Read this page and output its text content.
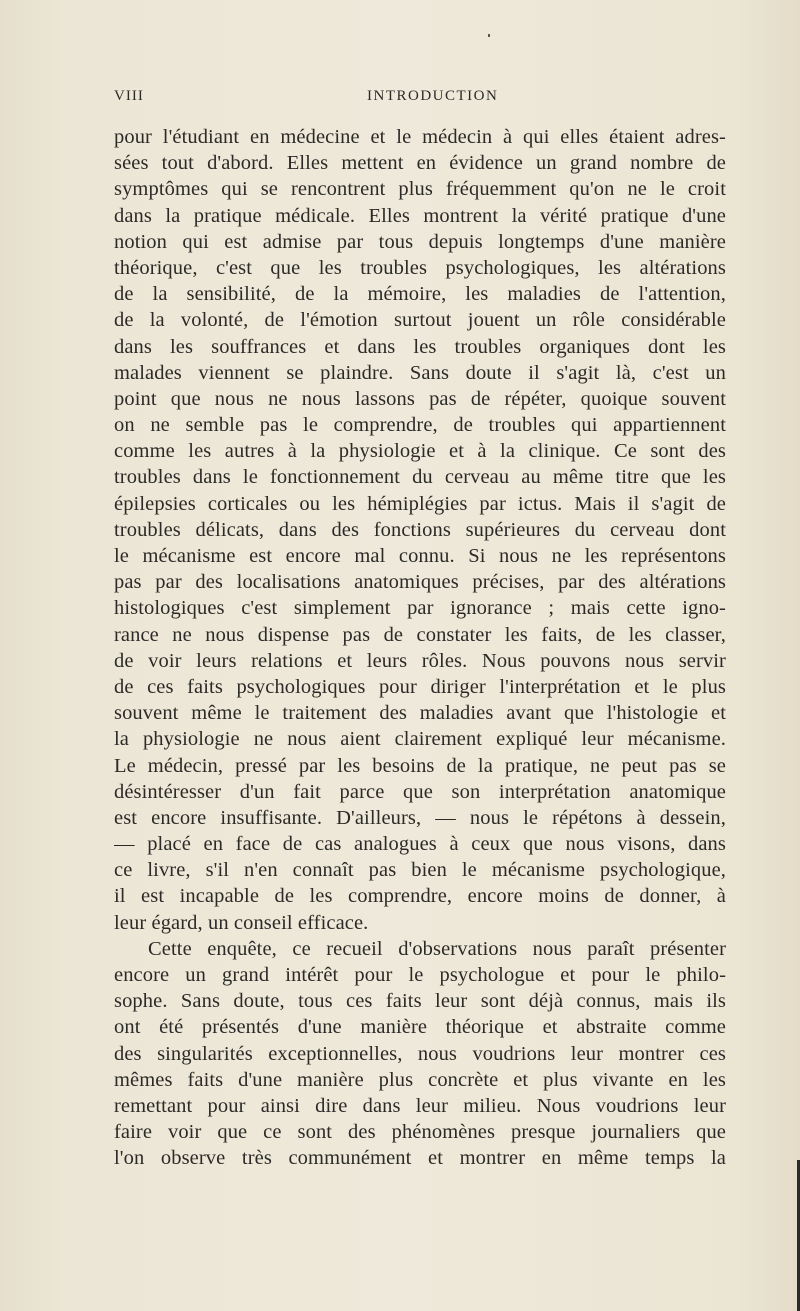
VIII	INTRODUCTION
pour l'étudiant en médecine et le médecin à qui elles étaient adres-
sées tout d'abord. Elles mettent en évidence un grand nombre de
symptômes qui se rencontrent plus fréquemment qu'on ne le croit
dans la pratique médicale. Elles montrent la vérité pratique d'une
notion qui est admise par tous depuis longtemps d'une manière
théorique, c'est que les troubles psychologiques, les altérations
de la sensibilité, de la mémoire, les maladies de l'attention,
de la volonté, de l'émotion surtout jouent un rôle considérable
dans les souffrances et dans les troubles organiques dont les
malades viennent se plaindre. Sans doute il s'agit là, c'est un
point que nous ne nous lassons pas de répéter, quoique souvent
on ne semble pas le comprendre, de troubles qui appartiennent
comme les autres à la physiologie et à la clinique. Ce sont des
troubles dans le fonctionnement du cerveau au même titre que les
épilepsies corticales ou les hémiplégies par ictus. Mais il s'agit de
troubles délicats, dans des fonctions supérieures du cerveau dont
le mécanisme est encore mal connu. Si nous ne les représentons
pas par des localisations anatomiques précises, par des altérations
histologiques c'est simplement par ignorance ; mais cette igno-
rance ne nous dispense pas de constater les faits, de les classer,
de voir leurs relations et leurs rôles. Nous pouvons nous servir
de ces faits psychologiques pour diriger l'interprétation et le plus
souvent même le traitement des maladies avant que l'histologie et
la physiologie ne nous aient clairement expliqué leur mécanisme.
Le médecin, pressé par les besoins de la pratique, ne peut pas se
désintéresser d'un fait parce que son interprétation anatomique
est encore insuffisante. D'ailleurs, — nous le répétons à dessein,
— placé en face de cas analogues à ceux que nous visons, dans
ce livre, s'il n'en connaît pas bien le mécanisme psychologique,
il est incapable de les comprendre, encore moins de donner, à
leur égard, un conseil efficace.
Cette enquête, ce recueil d'observations nous paraît présenter
encore un grand intérêt pour le psychologue et pour le philo-
sophe. Sans doute, tous ces faits leur sont déjà connus, mais ils
ont été présentés d'une manière théorique et abstraite comme
des singularités exceptionnelles, nous voudrions leur montrer ces
mêmes faits d'une manière plus concrète et plus vivante en les
remettant pour ainsi dire dans leur milieu. Nous voudrions leur
faire voir que ce sont des phénomènes presque journaliers que
l'on observe très communément et montrer en même temps la
